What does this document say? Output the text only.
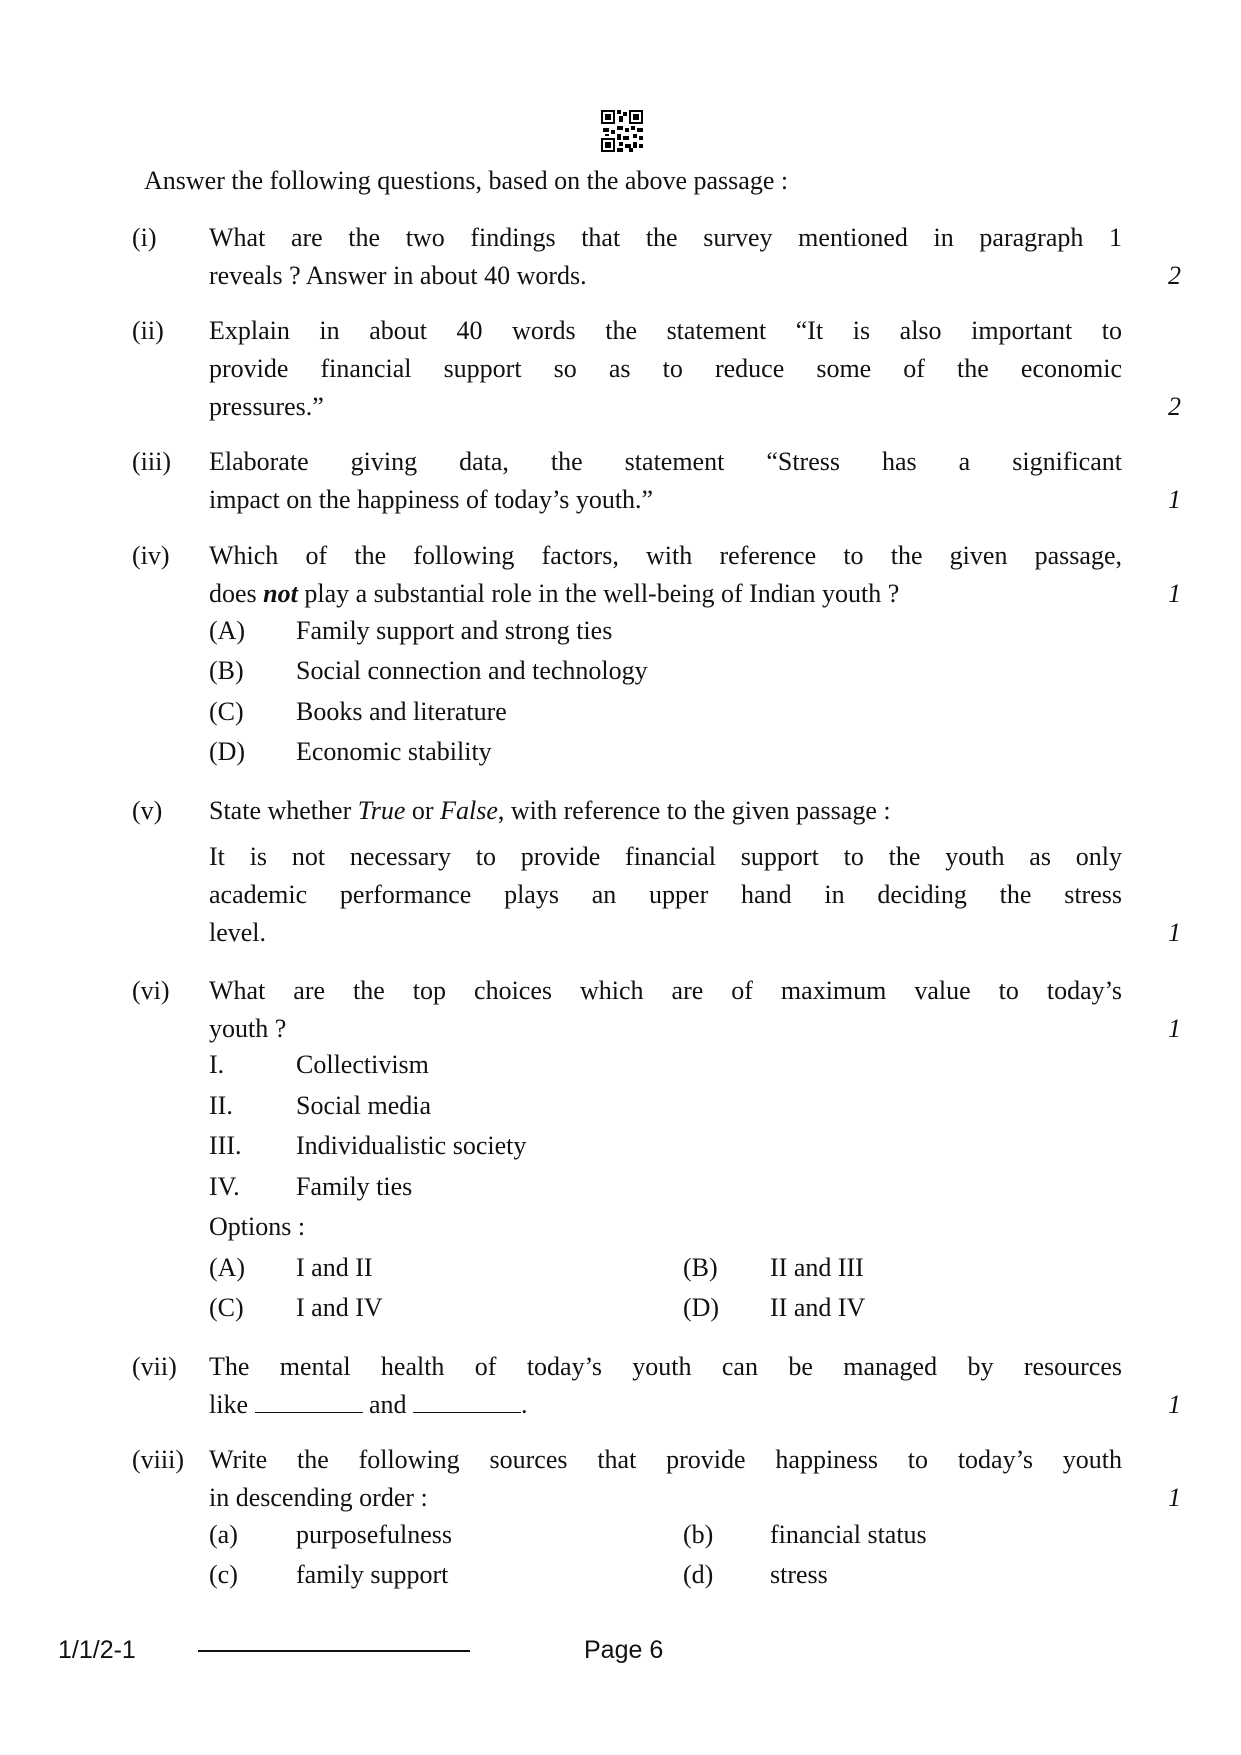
Answer the following questions, based on the above passage :
(i) What are the two findings that the survey mentioned in paragraph 1
reveals ? Answer in about 40 words.	2
(ii) Explain in about 40 words the statement “It is also important to
provide financial support so as to reduce some of the economic
pressures.”	2
(iii) Elaborate giving data, the statement “Stress has a significant
impact on the happiness of today’s youth.”	1
(iv) Which of the following factors, with reference to the given passage,
does not play a substantial role in the well-being of Indian youth ?	1
(A) Family support and strong ties
(B) Social connection and technology
(C) Books and literature
(D) Economic stability
(v) State whether True or False, with reference to the given passage :
It is not necessary to provide financial support to the youth as only
academic performance plays an upper hand in deciding the stress
level.	1
(vi) What are the top choices which are of maximum value to today’s
youth ?	1
I.	Collectivism
II. Social media
III. Individualistic society
IV. Family ties
Options :
(A) I and II	(B) II and III
(C) I and IV	(D) II and IV
(vii) The mental health of today’s youth can be managed by resources
like	and	.	1
(viii) Write the following sources that provide happiness to today’s youth
in descending order :	1
(a) purposefulness	(b) financial status
(c) family support	(d) stress
1/1/2-1	Page 6
